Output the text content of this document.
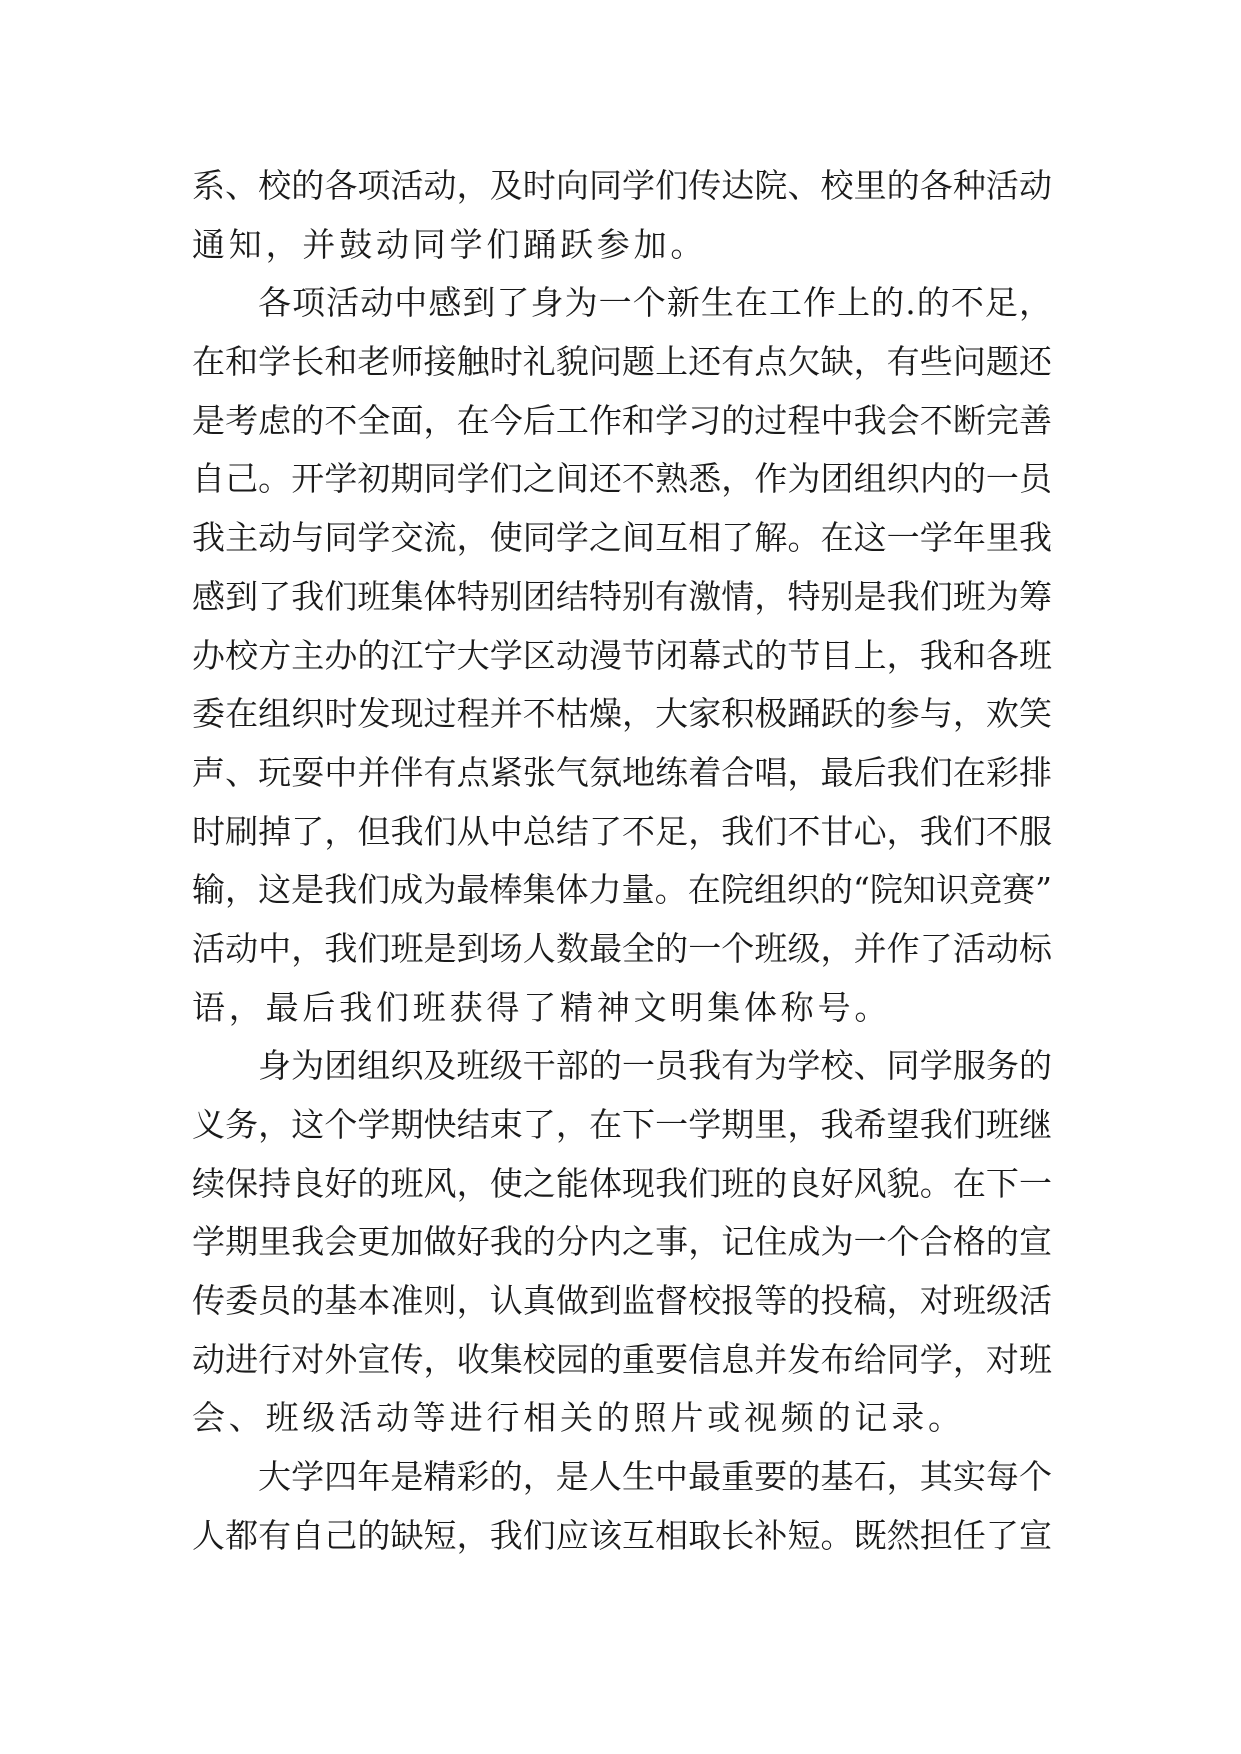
系、校的各项活动，及时向同学们传达院、校里的各种活动
通知，并鼓动同学们踊跃参加。
各项活动中感到了身为一个新生在工作上的.的不足，
在和学长和老师接触时礼貌问题上还有点欠缺，有些问题还
是考虑的不全面，在今后工作和学习的过程中我会不断完善
自己。开学初期同学们之间还不熟悉，作为团组织内的一员
我主动与同学交流，使同学之间互相了解。在这一学年里我
感到了我们班集体特别团结特别有激情，特别是我们班为筹
办校方主办的江宁大学区动漫节闭幕式的节目上，我和各班
委在组织时发现过程并不枯燥，大家积极踊跃的参与，欢笑
声、玩耍中并伴有点紧张气氛地练着合唱，最后我们在彩排
时刷掉了，但我们从中总结了不足，我们不甘心，我们不服
输，这是我们成为最棒集体力量。在院组织的“院知识竞赛”
活动中，我们班是到场人数最全的一个班级，并作了活动标
语，最后我们班获得了精神文明集体称号。
身为团组织及班级干部的一员我有为学校、同学服务的
义务，这个学期快结束了，在下一学期里，我希望我们班继
续保持良好的班风，使之能体现我们班的良好风貌。在下一
学期里我会更加做好我的分内之事，记住成为一个合格的宣
传委员的基本准则，认真做到监督校报等的投稿，对班级活
动进行对外宣传，收集校园的重要信息并发布给同学，对班
会、班级活动等进行相关的照片或视频的记录。
大学四年是精彩的，是人生中最重要的基石，其实每个
人都有自己的缺短，我们应该互相取长补短。既然担任了宣
